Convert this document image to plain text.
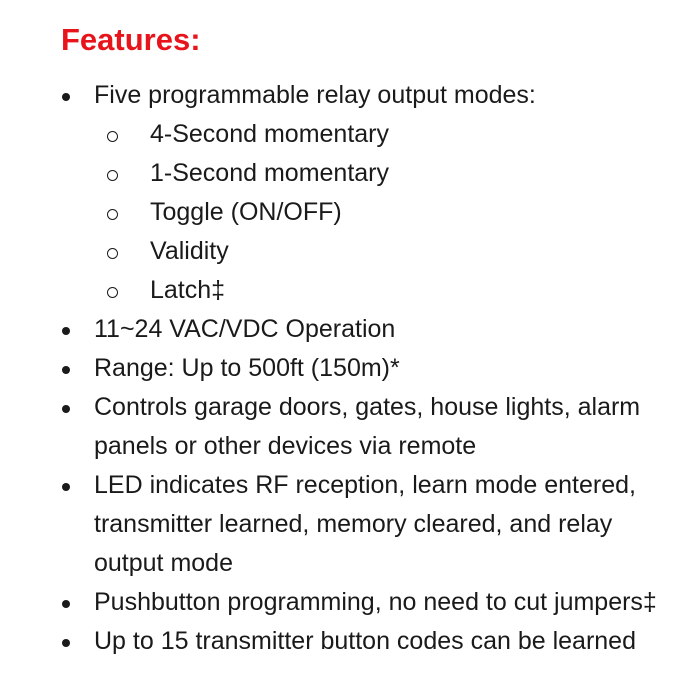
Features:
Five programmable relay output modes:
4-Second momentary
1-Second momentary
Toggle (ON/OFF)
Validity
Latch‡
11~24 VAC/VDC Operation
Range: Up to 500ft (150m)*
Controls garage doors, gates, house lights, alarm panels or other devices via remote
LED indicates RF reception, learn mode entered, transmitter learned, memory cleared, and relay output mode
Pushbutton programming, no need to cut jumpers‡
Up to 15 transmitter button codes can be learned
